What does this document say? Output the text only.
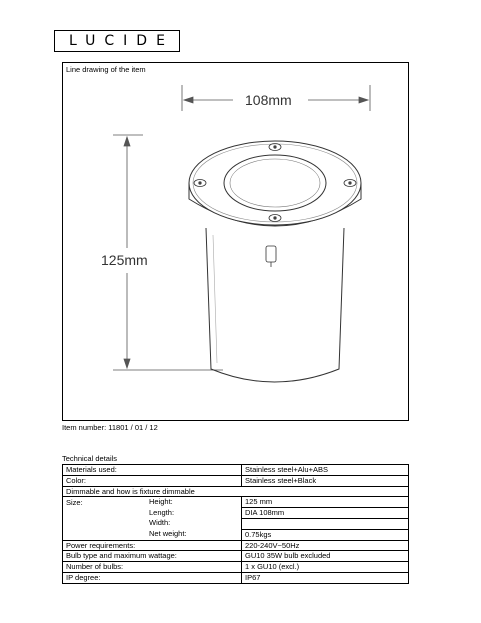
LUCIDE
Line drawing of the item
108mm
125mm
Item number: 11801 / 01 / 12
Technical details
Materials used:	Stainless steel+Alu+ABS
Color:	Stainless steel+Black
Dimmable and how is fixture dimmable	
Size: Height:	125 mm

Length:	DIA 108mm

Width:	

Net weight:	0.75kgs
Power requirements:	220-240V~50Hz
Bulb type and maximum wattage:	GU10 35W bulb excluded
Number of bulbs:	1 x GU10 (excl.)
IP degree:	IP67
